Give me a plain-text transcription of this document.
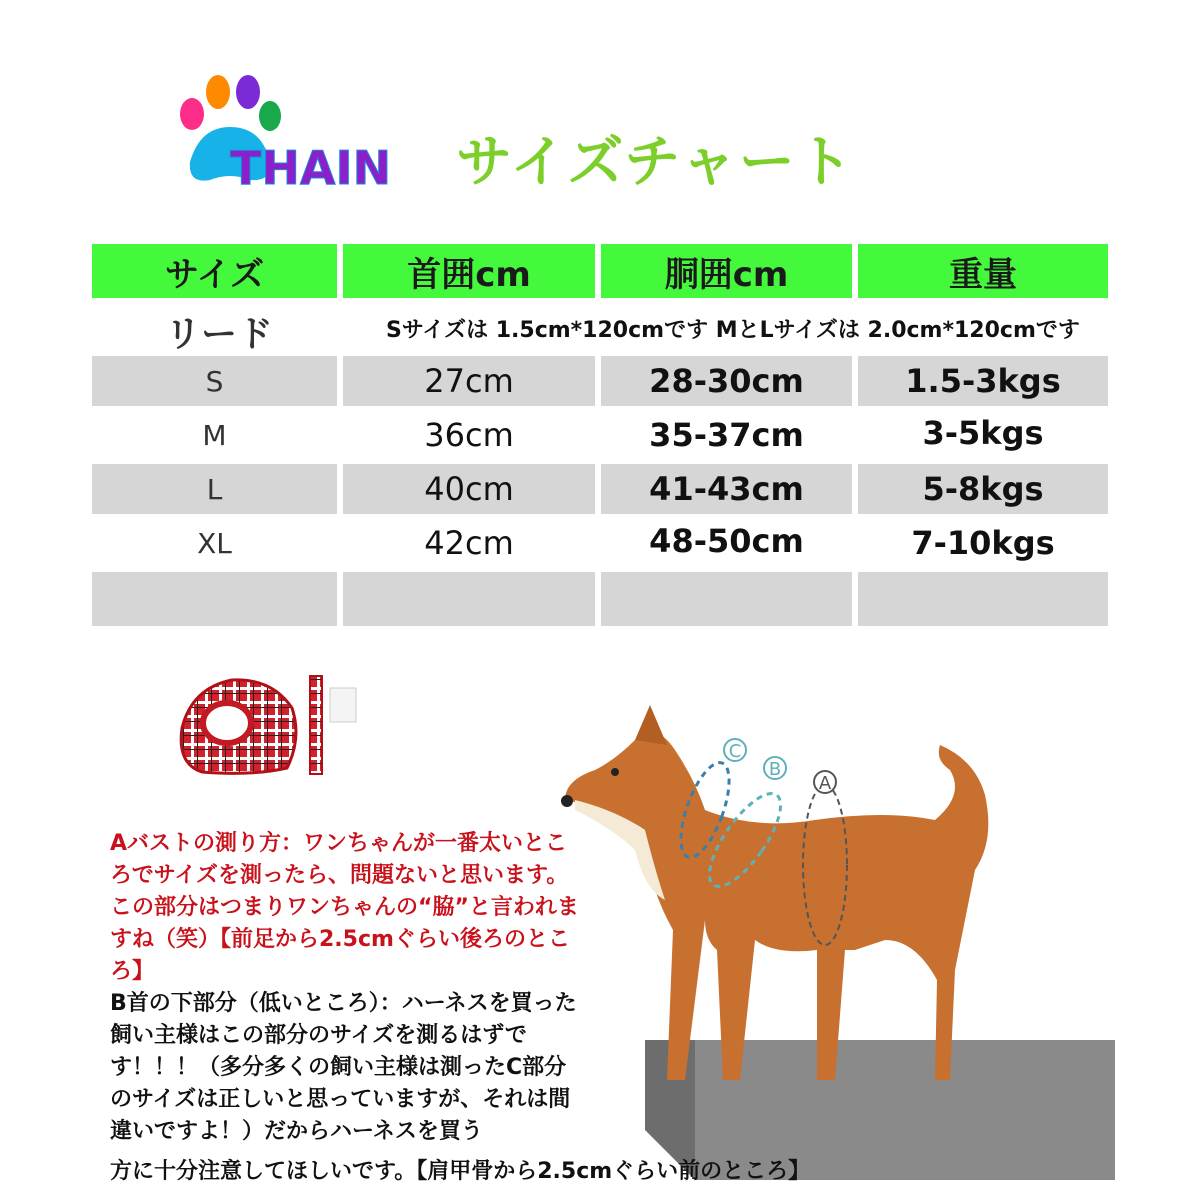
THAIN サイズチャート
サイズ	首囲cm	胴囲cm	重量
リード	Sサイズは 1.5cm*120cmです MとLサイズは 2.0cm*120cmです
S	27cm	28-30cm	1.5-3kgs
M	36cm	35-37cm	3-5kgs
L	40cm	41-43cm	5-8kgs
XL	42cm	48-50cm	7-10kgs
C
B
A

Aバストの測り方：ワンちゃんが一番太いところでサイズを測ったら、問題ないと思います。この部分はつまりワンちゃんの“脇”と言われますね（笑）【前足から2.5cmぐらい後ろのところ】

B首の下部分（低いところ）：ハーネスを買った飼い主様はこの部分のサイズを測るはずです！！！（多分多くの飼い主様は測ったC部分のサイズは正しいと思っていますが、それは間違いですよ！）だからハーネスを買う

方に十分注意してほしいです。【肩甲骨から2.5cmぐらい前のところ】
